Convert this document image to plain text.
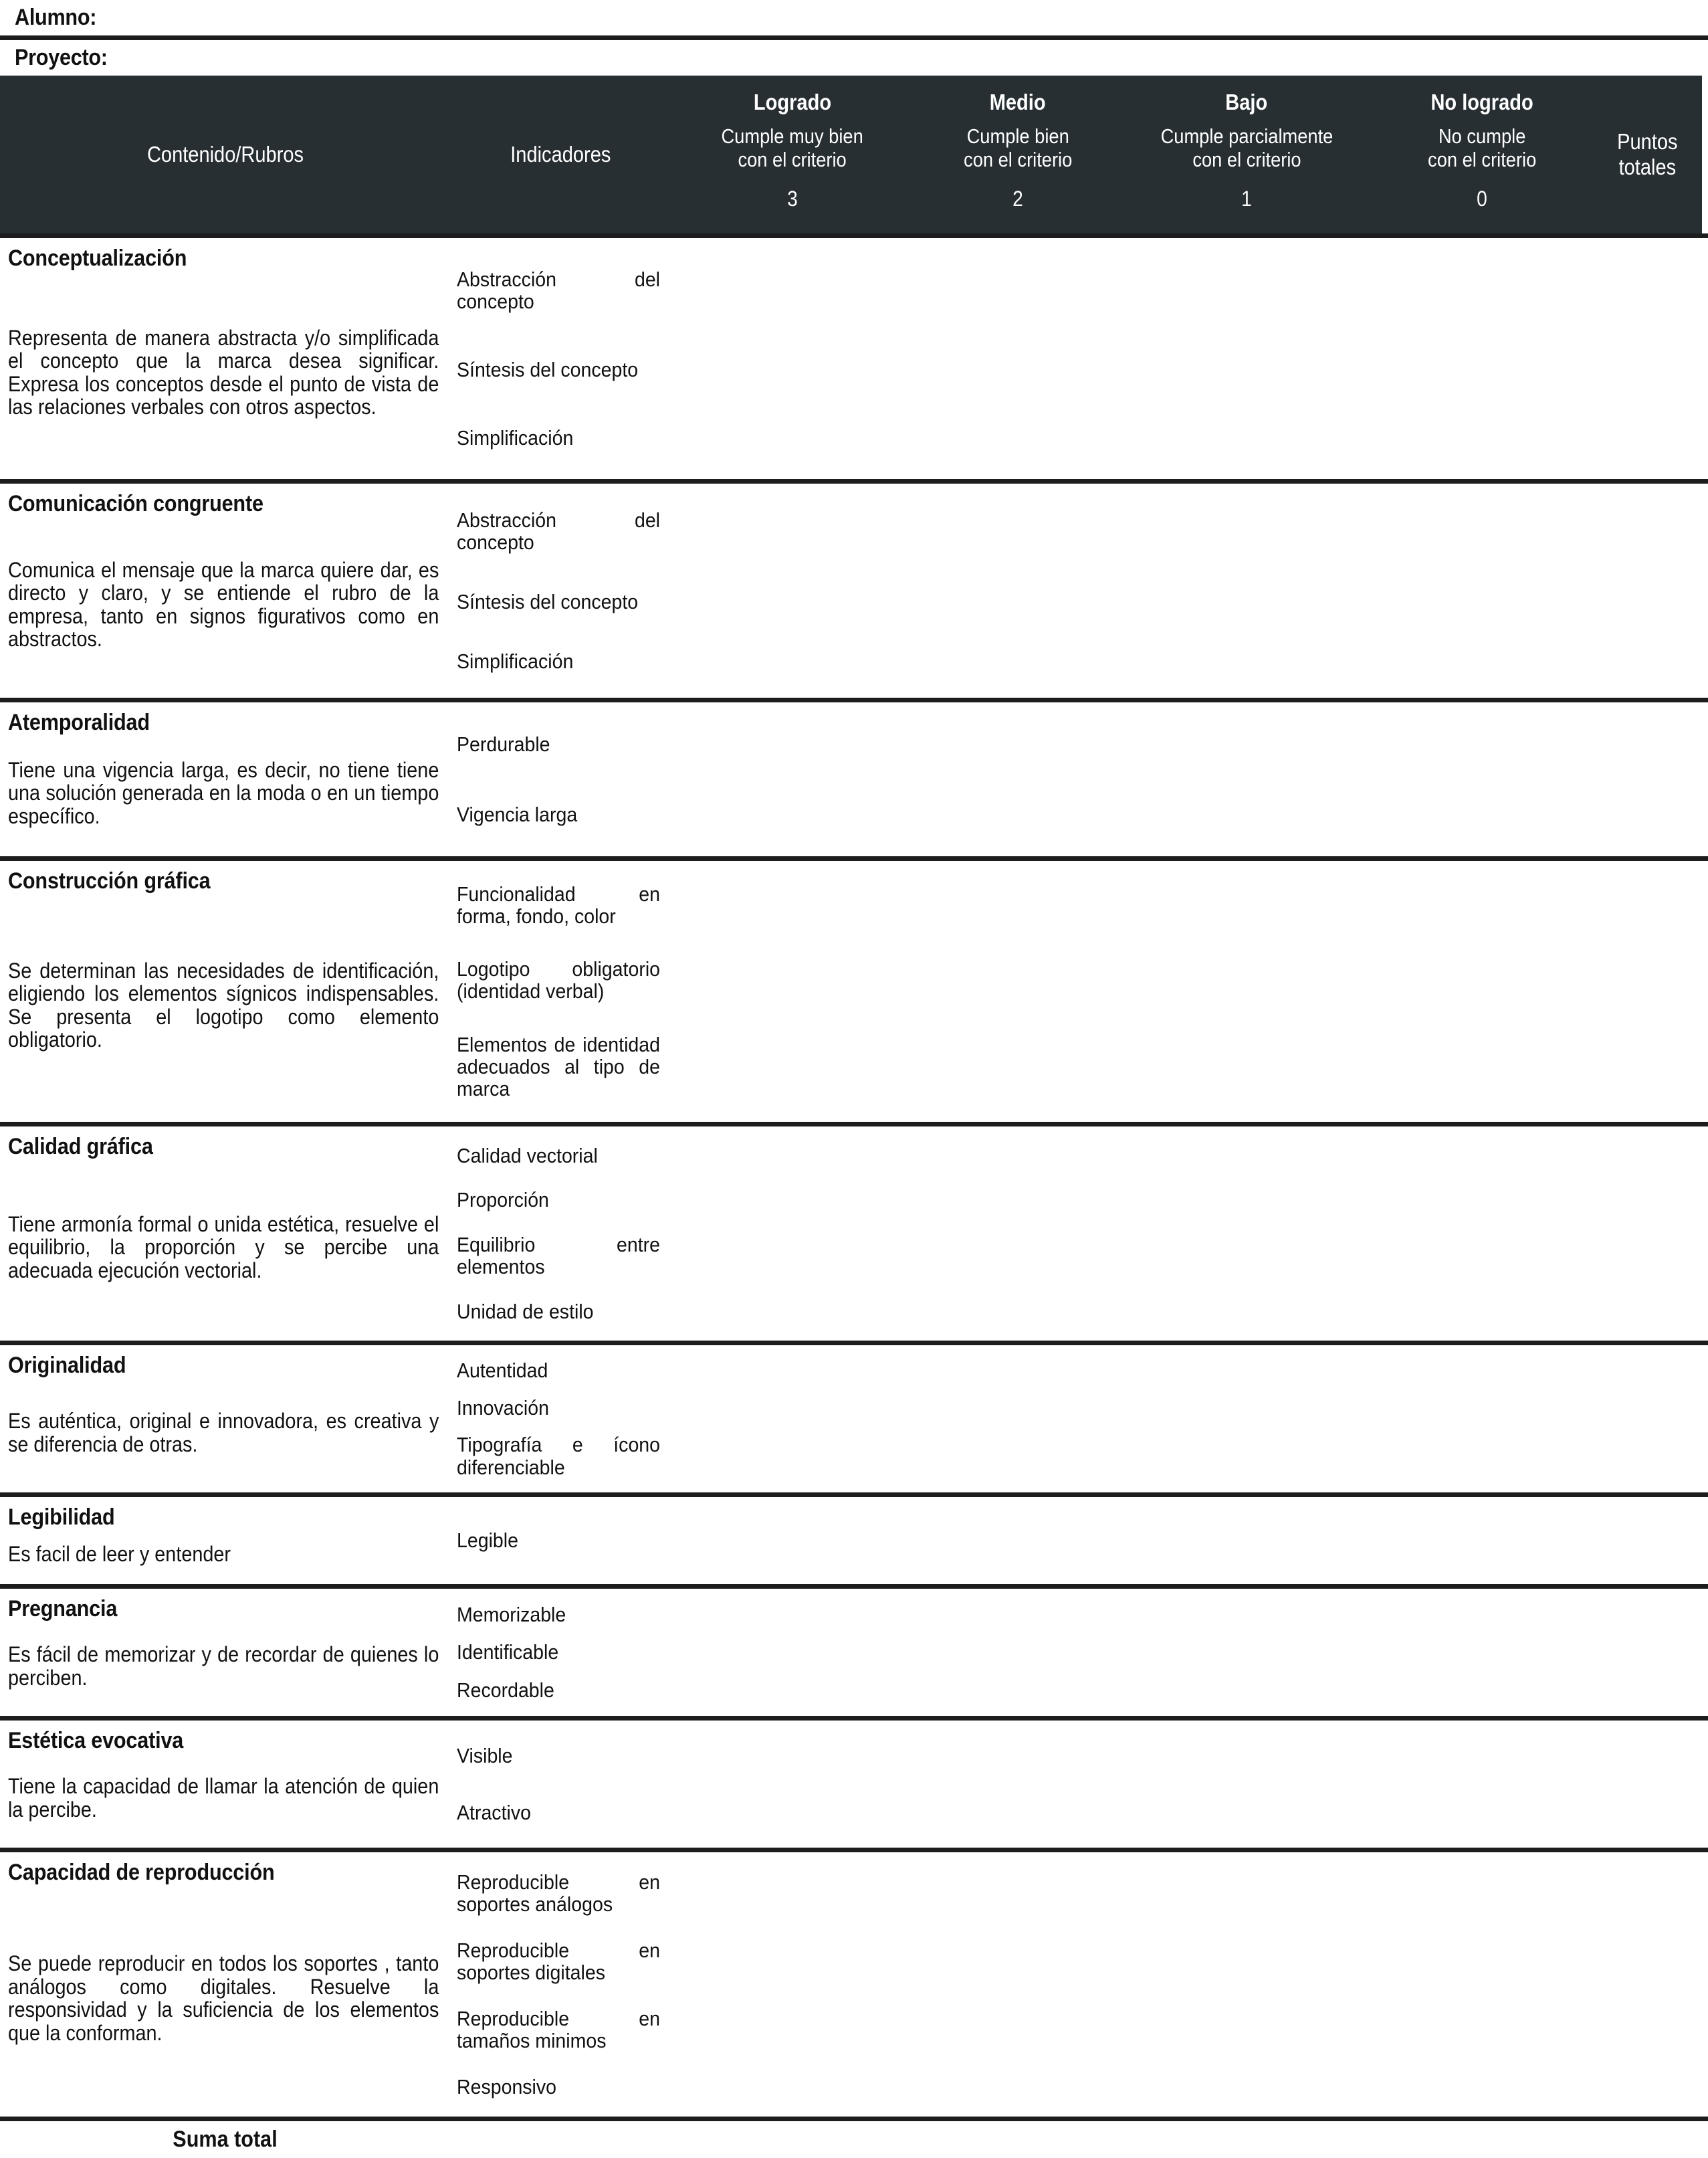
Alumno:
Proyecto:
Contenido/Rubros	Indicadores
Logrado
Cumple muy bien
con el criterio
3
Medio
Cumple bien
con el criterio
2
Bajo
Cumple parcialmente
con el criterio
1
No logrado
No cumple
con el criterio
0
Puntos
totales
Conceptualización
Representa de manera abstracta y/o simplificada el concepto que la marca desea significar. Expresa los conceptos desde el punto de vista de las relaciones verbales con otros aspectos.
Abstracción del concepto
Síntesis del concepto
Simplificación
Comunicación congruente
Comunica el mensaje que la marca quiere dar, es directo y claro, y se entiende el rubro de la empresa, tanto en signos figurativos como en abstractos.
Abstracción del concepto
Síntesis del concepto
Simplificación
Atemporalidad
Tiene una vigencia larga, es decir, no tiene tiene una solución generada en la moda o en un tiempo específico.
Perdurable
Vigencia larga
Construcción gráfica
Se determinan las necesidades de identificación, eligiendo los elementos sígnicos indispensables. Se presenta el logotipo como elemento obligatorio.
Funcionalidad en forma, fondo, color
Logotipo obligatorio (identidad verbal)
Elementos de identidad adecuados al tipo de marca
Calidad gráfica
Tiene armonía formal o unida estética, resuelve el equilibrio, la proporción y se percibe una adecuada ejecución vectorial.
Calidad vectorial
Proporción
Equilibrio entre elementos
Unidad de estilo
Originalidad
Es auténtica, original e innovadora, es creativa y se diferencia de otras.
Autentidad
Innovación
Tipografía e ícono diferenciable
Legibilidad
Es facil de leer y entender
Legible
Pregnancia
Es fácil de memorizar y de recordar de quienes lo perciben.
Memorizable
Identificable
Recordable
Estética evocativa
Tiene la capacidad de llamar la atención de quien la percibe.
Visible
Atractivo
Capacidad de reproducción
Se puede reproducir en todos los soportes , tanto análogos como digitales. Resuelve la responsividad y la suficiencia de los elementos que la conforman.
Reproducible en soportes análogos
Reproducible en soportes digitales
Reproducible en tamaños minimos
Responsivo
Suma total
